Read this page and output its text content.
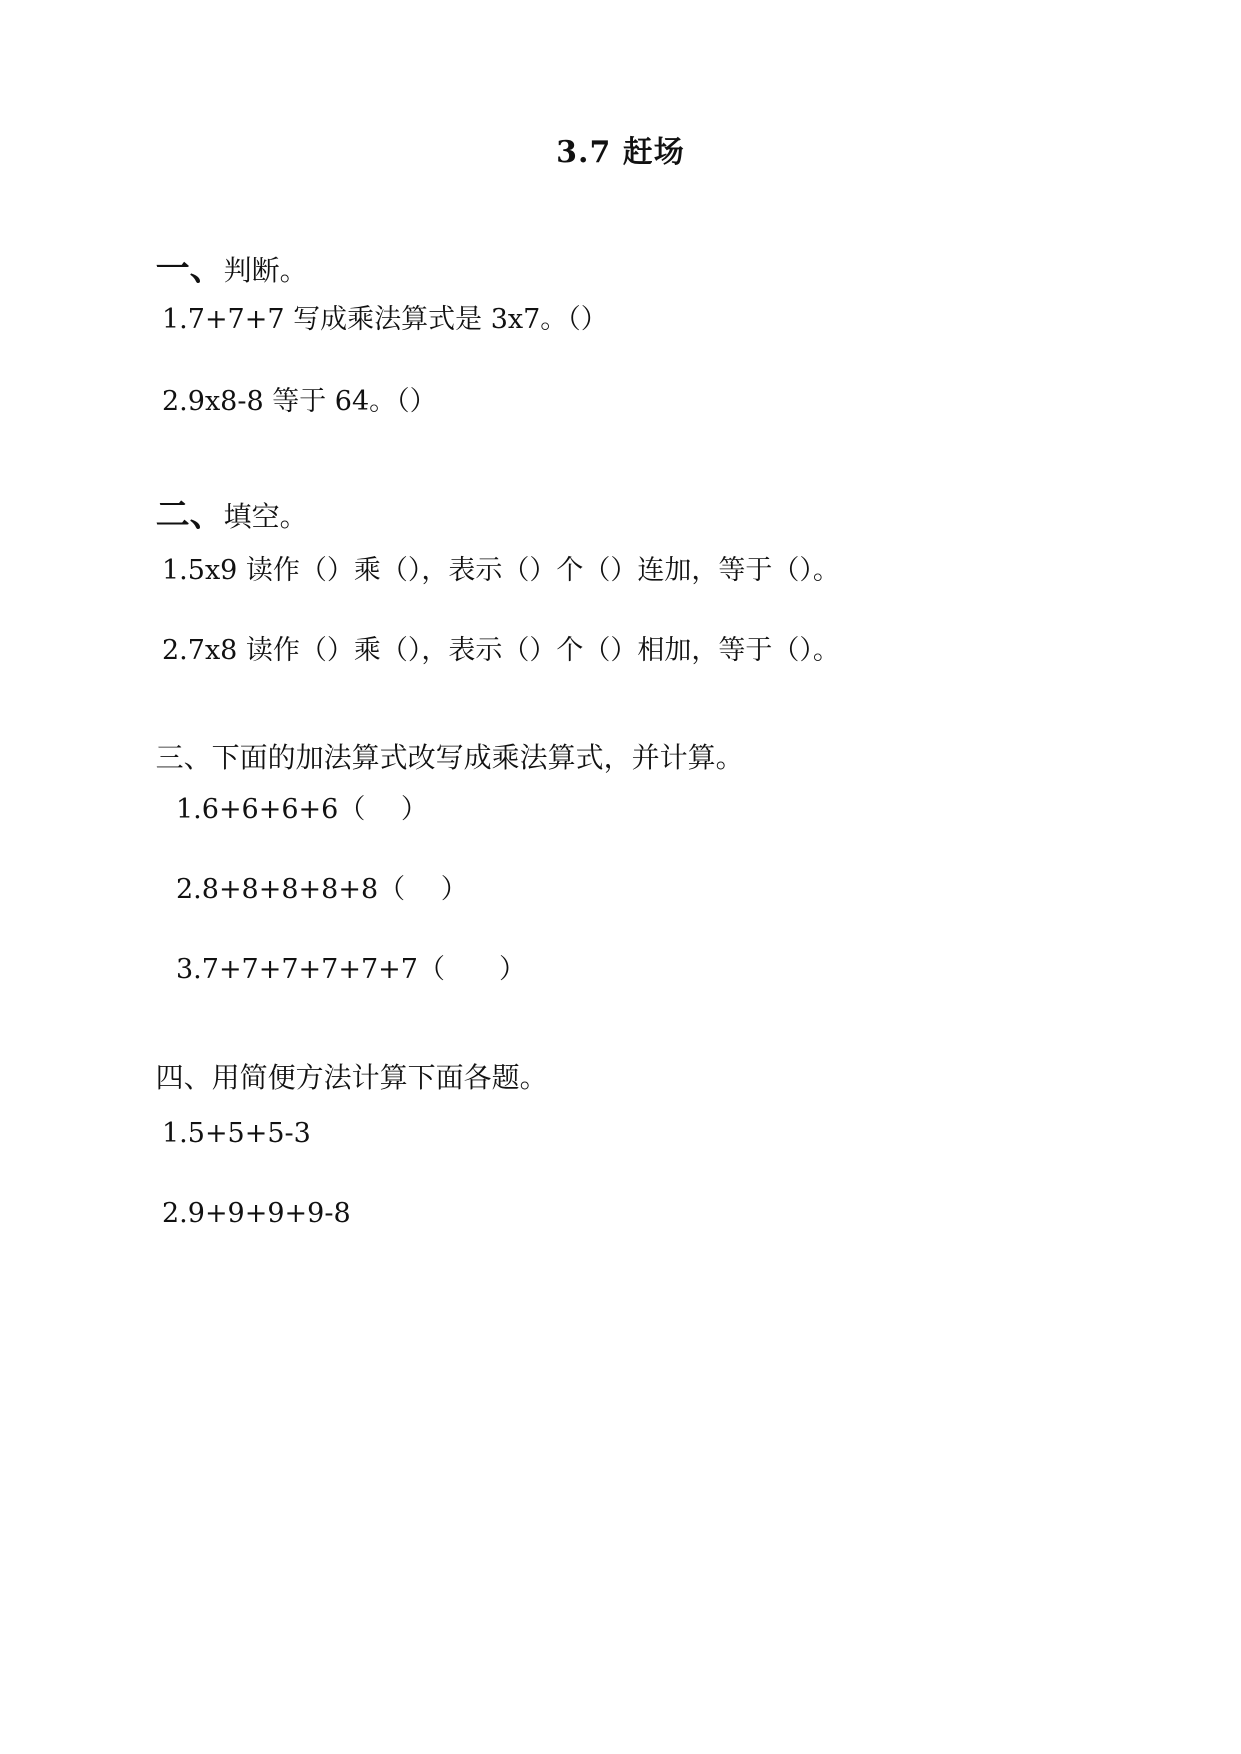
3.7 赶场

一、判断。

1.7+7+7 写成乘法算式是 3x7。（）
2.9x8-8 等于 64。（）

二、填空。

1.5x9 读作（）乘（），表示（）个（）连加，等于（）。
2.7x8 读作（）乘（），表示（）个（）相加，等于（）。

三、下面的加法算式改写成乘法算式，并计算。

1.6+6+6+6（　 ）
2.8+8+8+8+8（　 ）
3.7+7+7+7+7+7（　　）

四、用简便方法计算下面各题。

1.5+5+5-3
2.9+9+9+9-8
